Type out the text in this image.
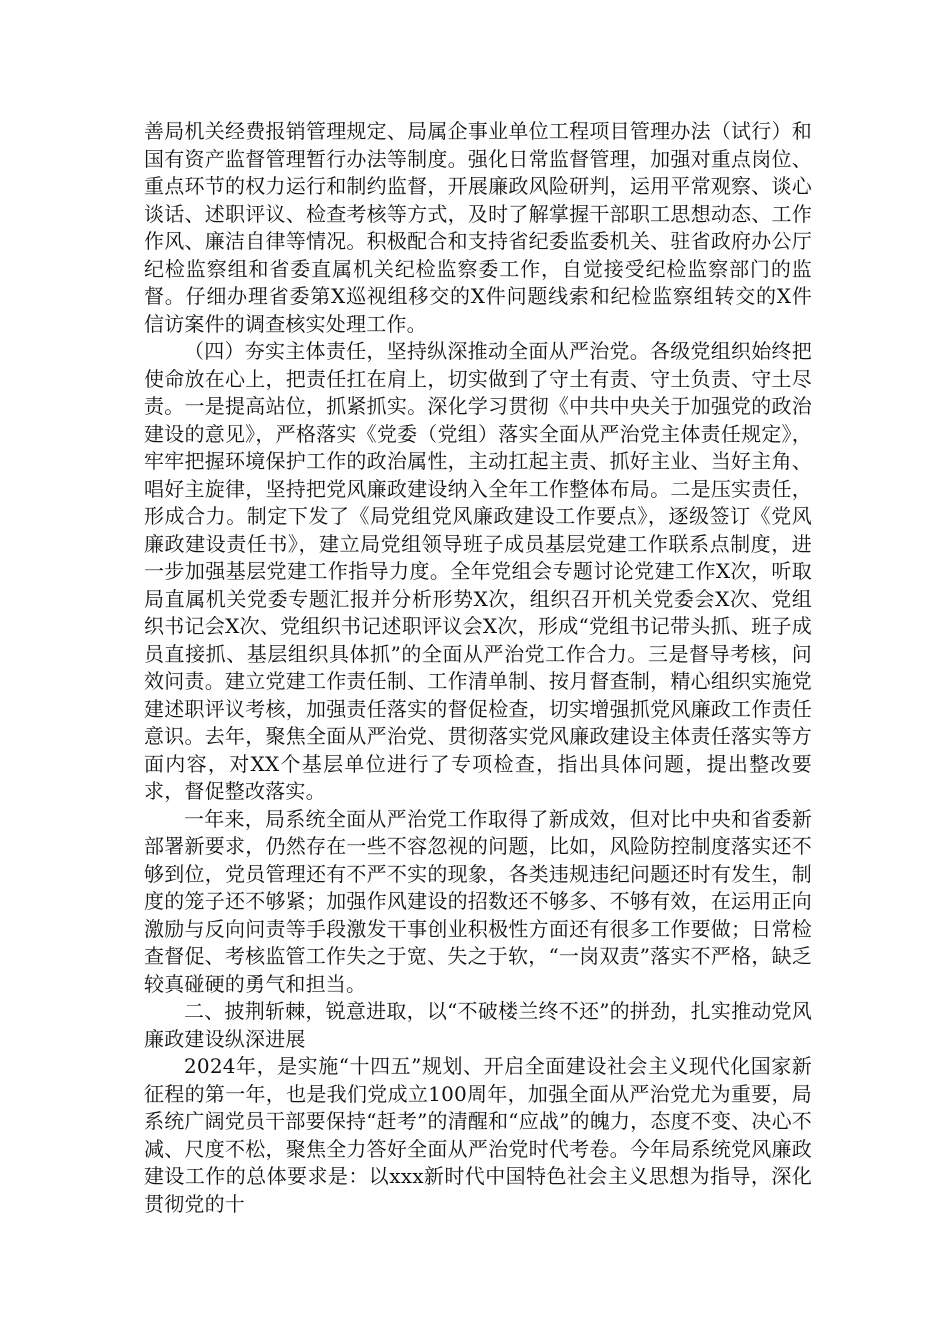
善局机关经费报销管理规定、局属企事业单位工程项目管理办法（试行）和国有资产监督管理暂行办法等制度。强化日常监督管理，加强对重点岗位、重点环节的权力运行和制约监督，开展廉政风险研判，运用平常观察、谈心谈话、述职评议、检查考核等方式，及时了解掌握干部职工思想动态、工作作风、廉洁自律等情况。积极配合和支持省纪委监委机关、驻省政府办公厅纪检监察组和省委直属机关纪检监察委工作，自觉接受纪检监察部门的监督。仔细办理省委第X巡视组移交的X件问题线索和纪检监察组转交的X件信访案件的调查核实处理工作。

（四）夯实主体责任，坚持纵深推动全面从严治党。各级党组织始终把使命放在心上，把责任扛在肩上，切实做到了守土有责、守土负责、守土尽责。一是提高站位，抓紧抓实。深化学习贯彻《中共中央关于加强党的政治建设的意见》，严格落实《党委（党组）落实全面从严治党主体责任规定》，牢牢把握环境保护工作的政治属性，主动扛起主责、抓好主业、当好主角、唱好主旋律，坚持把党风廉政建设纳入全年工作整体布局。二是压实责任，形成合力。制定下发了《局党组党风廉政建设工作要点》，逐级签订《党风廉政建设责任书》，建立局党组领导班子成员基层党建工作联系点制度，进一步加强基层党建工作指导力度。全年党组会专题讨论党建工作X次，听取局直属机关党委专题汇报并分析形势X次，组织召开机关党委会X次、党组织书记会X次、党组织书记述职评议会X次，形成“党组书记带头抓、班子成员直接抓、基层组织具体抓”的全面从严治党工作合力。三是督导考核，问效问责。建立党建工作责任制、工作清单制、按月督查制，精心组织实施党建述职评议考核，加强责任落实的督促检查，切实增强抓党风廉政工作责任意识。去年，聚焦全面从严治党、贯彻落实党风廉政建设主体责任落实等方面内容，对XX个基层单位进行了专项检查，指出具体问题，提出整改要求，督促整改落实。

一年来，局系统全面从严治党工作取得了新成效，但对比中央和省委新部署新要求，仍然存在一些不容忽视的问题，比如，风险防控制度落实还不够到位，党员管理还有不严不实的现象，各类违规违纪问题还时有发生，制度的笼子还不够紧；加强作风建设的招数还不够多、不够有效，在运用正向激励与反向问责等手段激发干事创业积极性方面还有很多工作要做；日常检查督促、考核监管工作失之于宽、失之于软，“一岗双责”落实不严格，缺乏较真碰硬的勇气和担当。

二、披荆斩棘，锐意进取，以“不破楼兰终不还”的拼劲，扎实推动党风廉政建设纵深进展

2024年，是实施“十四五”规划、开启全面建设社会主义现代化国家新征程的第一年，也是我们党成立100周年，加强全面从严治党尤为重要，局系统广阔党员干部要保持“赶考”的清醒和“应战”的魄力，态度不变、决心不减、尺度不松，聚焦全力答好全面从严治党时代考卷。今年局系统党风廉政建设工作的总体要求是：以xxx新时代中国特色社会主义思想为指导，深化贯彻党的十
